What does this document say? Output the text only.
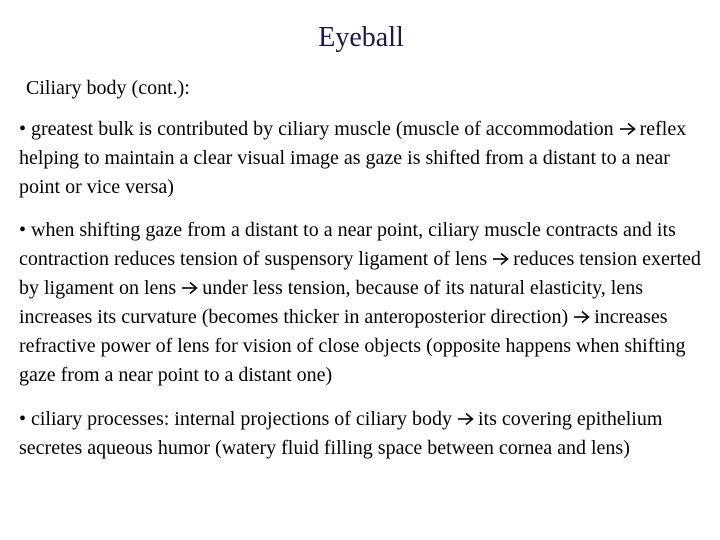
Eyeball
Ciliary body (cont.):

• greatest bulk is contributed by ciliary muscle (muscle of accommodation reflex helping to maintain a clear visual image as gaze is shifted from a distant to a near point or vice versa)

• when shifting gaze from a distant to a near point, ciliary muscle contracts and its contraction reduces tension of suspensory ligament of lens reduces tension exerted by ligament on lens under less tension, because of its natural elasticity, lens increases its curvature (becomes thicker in anteroposterior direction) increases refractive power of lens for vision of close objects (opposite happens when shifting gaze from a near point to a distant one)

• ciliary processes: internal projections of ciliary body its covering epithelium secretes aqueous humor (watery fluid filling space between cornea and lens)
